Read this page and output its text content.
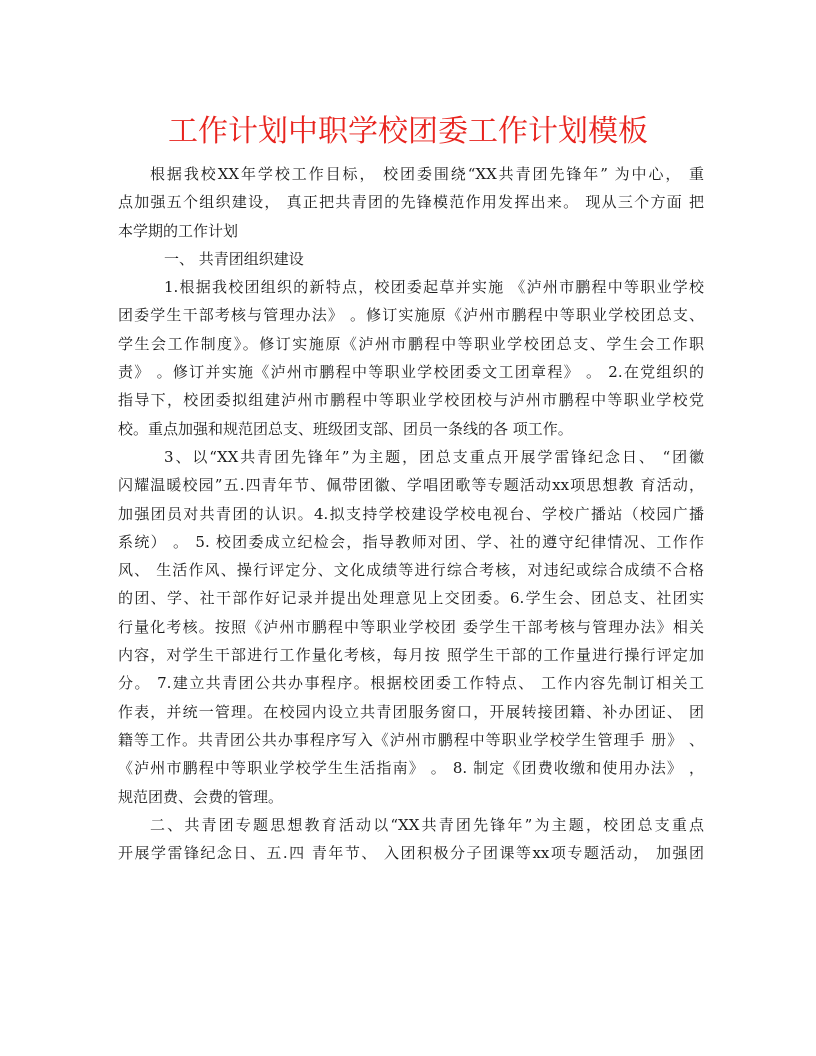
工作计划中职学校团委工作计划模板
根据我校XX年学校工作目标， 校团委围绕“XX共青团先锋年” 为中心， 重
点加强五个组织建设， 真正把共青团的先锋模范作用发挥出来。 现从三个方面 把
本学期的工作计划
一、 共青团组织建设
1.根据我校团组织的新特点，校团委起草并实施 《泸州市鹏程中等职业学校
团委学生干部考核与管理办法》 。修订实施原《泸州市鹏程中等职业学校团总支、
学生会工作制度》。修订实施原《泸州市鹏程中等职业学校团总支、学生会工作职
责》 。修订并实施《泸州市鹏程中等职业学校团委文工团章程》 。 2.在党组织的
指导下，校团委拟组建泸州市鹏程中等职业学校团校与泸州市鹏程中等职业学校党
校。重点加强和规范团总支、班级团支部、团员一条线的各 项工作。
3、以“XX共青团先锋年”为主题，团总支重点开展学雷锋纪念日、 “团徽
闪耀温暖校园”五.四青年节、佩带团徽、学唱团歌等专题活动xx项思想教 育活动，
加强团员对共青团的认识。4.拟支持学校建设学校电视台、学校广播站（校园广播
系统） 。 5. 校团委成立纪检会，指导教师对团、学、社的遵守纪律情况、工作作
风、 生活作风、操行评定分、文化成绩等进行综合考核，对违纪或综合成绩不合格
的团、学、社干部作好记录并提出处理意见上交团委。6.学生会、团总支、社团实
行量化考核。按照《泸州市鹏程中等职业学校团 委学生干部考核与管理办法》相关
内容，对学生干部进行工作量化考核，每月按 照学生干部的工作量进行操行评定加
分。 7.建立共青团公共办事程序。根据校团委工作特点、 工作内容先制订相关工
作表，并统一管理。在校园内设立共青团服务窗口，开展转接团籍、补办团证、 团
籍等工作。共青团公共办事程序写入《泸州市鹏程中等职业学校学生管理手 册》 、
《泸州市鹏程中等职业学校学生生活指南》 。 8. 制定《团费收缴和使用办法》 ，
规范团费、会费的管理。
二、共青团专题思想教育活动以“XX共青团先锋年”为主题，校团总支重点
开展学雷锋纪念日、五.四 青年节、 入团积极分子团课等xx项专题活动， 加强团
